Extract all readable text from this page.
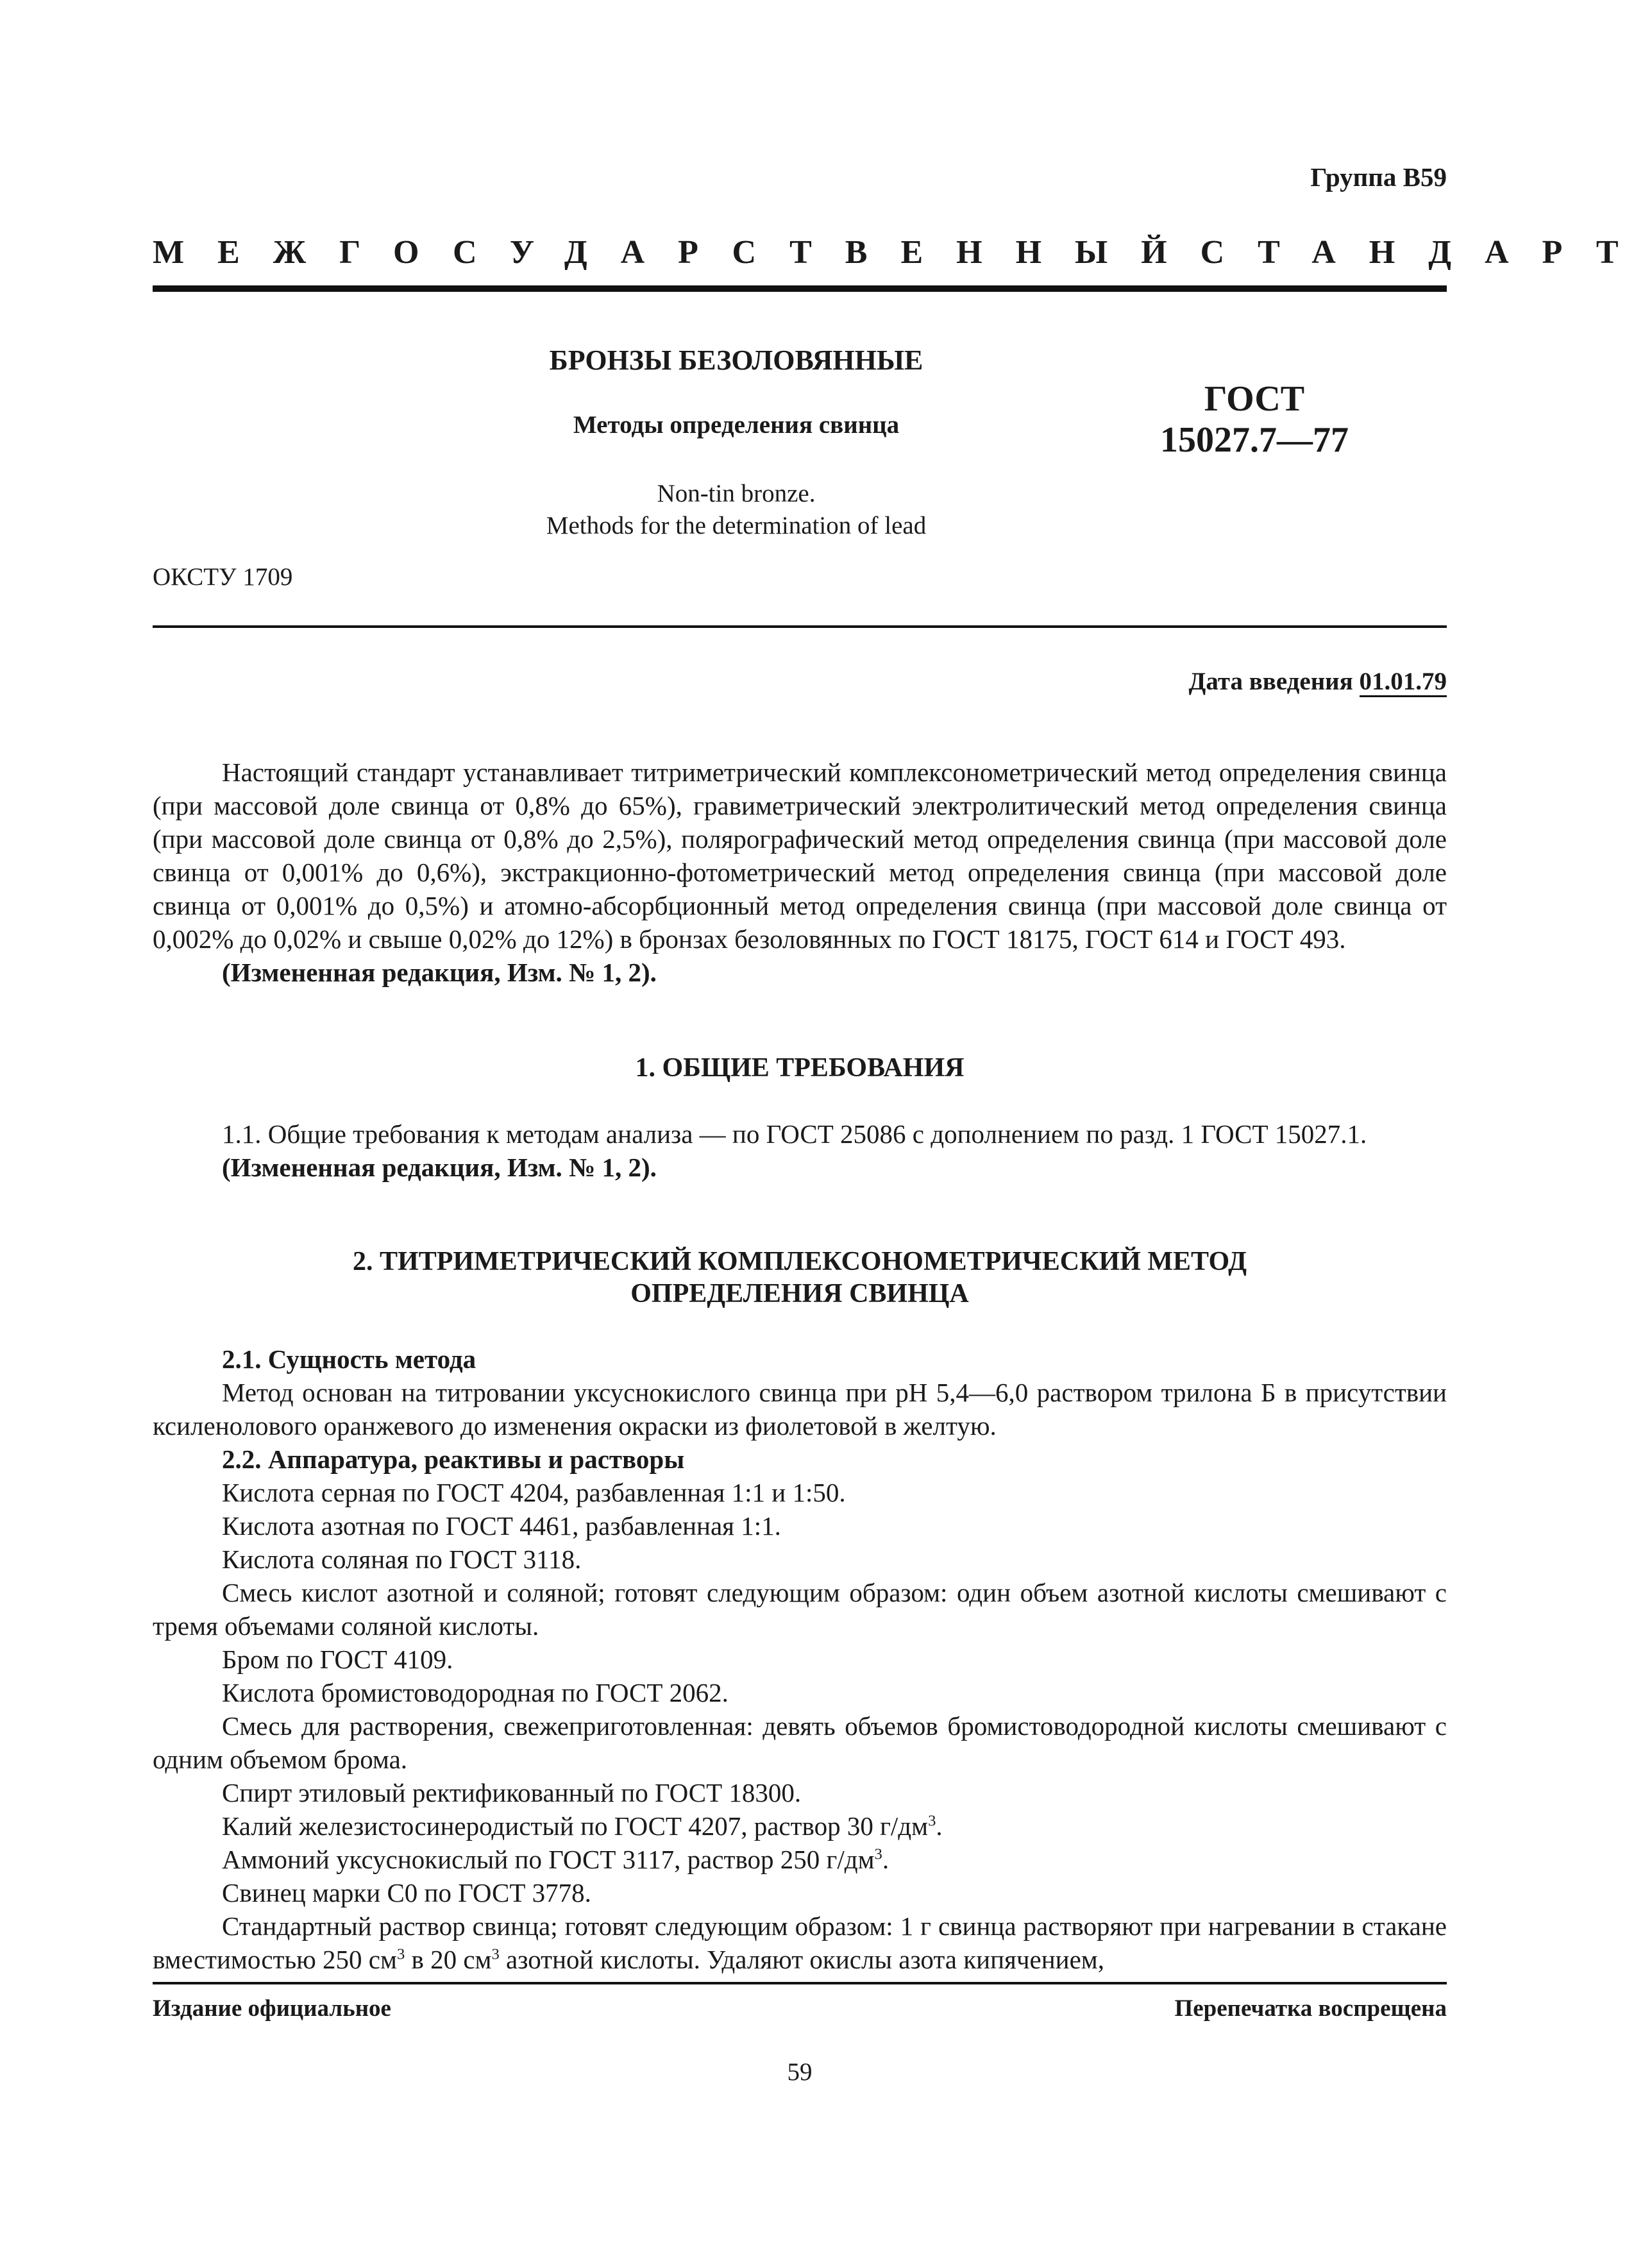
Группа В59
МЕЖГОСУДАРСТВЕННЫЙ СТАНДАРТ
БРОНЗЫ БЕЗОЛОВЯННЫЕ
Методы определения свинца
Non-tin bronze.
Methods for the determination of lead
ГОСТ
15027.7—77
ОКСТУ 1709
Дата введения 01.01.79

Настоящий стандарт устанавливает титриметрический комплексонометрический метод определения свинца (при массовой доле свинца от 0,8% до 65%), гравиметрический электролитический метод определения свинца (при массовой доле свинца от 0,8% до 2,5%), полярографический метод определения свинца (при массовой доле свинца от 0,001% до 0,6%), экстракционно-фотометрический метод определения свинца (при массовой доле свинца от 0,001% до 0,5%) и атомно-абсорбционный метод определения свинца (при массовой доле свинца от 0,002% до 0,02% и свыше 0,02% до 12%) в бронзах безоловянных по ГОСТ 18175, ГОСТ 614 и ГОСТ 493.

(Измененная редакция, Изм. № 1, 2).

1. ОБЩИЕ ТРЕБОВАНИЯ

1.1. Общие требования к методам анализа — по ГОСТ 25086 с дополнением по разд. 1 ГОСТ 15027.1.

(Измененная редакция, Изм. № 1, 2).

2. ТИТРИМЕТРИЧЕСКИЙ КОМПЛЕКСОНОМЕТРИЧЕСКИЙ МЕТОД
ОПРЕДЕЛЕНИЯ СВИНЦА

2.1. Сущность метода

Метод основан на титровании уксуснокислого свинца при pH 5,4—6,0 раствором трилона Б в присутствии ксиленолового оранжевого до изменения окраски из фиолетовой в желтую.

2.2. Аппаратура, реактивы и растворы

Кислота серная по ГОСТ 4204, разбавленная 1:1 и 1:50.

Кислота азотная по ГОСТ 4461, разбавленная 1:1.

Кислота соляная по ГОСТ 3118.

Смесь кислот азотной и соляной; готовят следующим образом: один объем азотной кислоты смешивают с тремя объемами соляной кислоты.

Бром по ГОСТ 4109.

Кислота бромистоводородная по ГОСТ 2062.

Смесь для растворения, свежеприготовленная: девять объемов бромистоводородной кислоты смешивают с одним объемом брома.

Спирт этиловый ректификованный по ГОСТ 18300.

Калий железистосинеродистый по ГОСТ 4207, раствор 30 $г/дм^3$.

Аммоний уксуснокислый по ГОСТ 3117, раствор 250 $г/дм^3$.

Свинец марки С0 по ГОСТ 3778.

Стандартный раствор свинца; готовят следующим образом: 1 г свинца растворяют при нагревании в стакане вместимостью 250 $см^3$ в 20 $см^3$ азотной кислоты. Удаляют окислы азота кипячением,

Издание официальное	Перепечатка воспрещена
59
